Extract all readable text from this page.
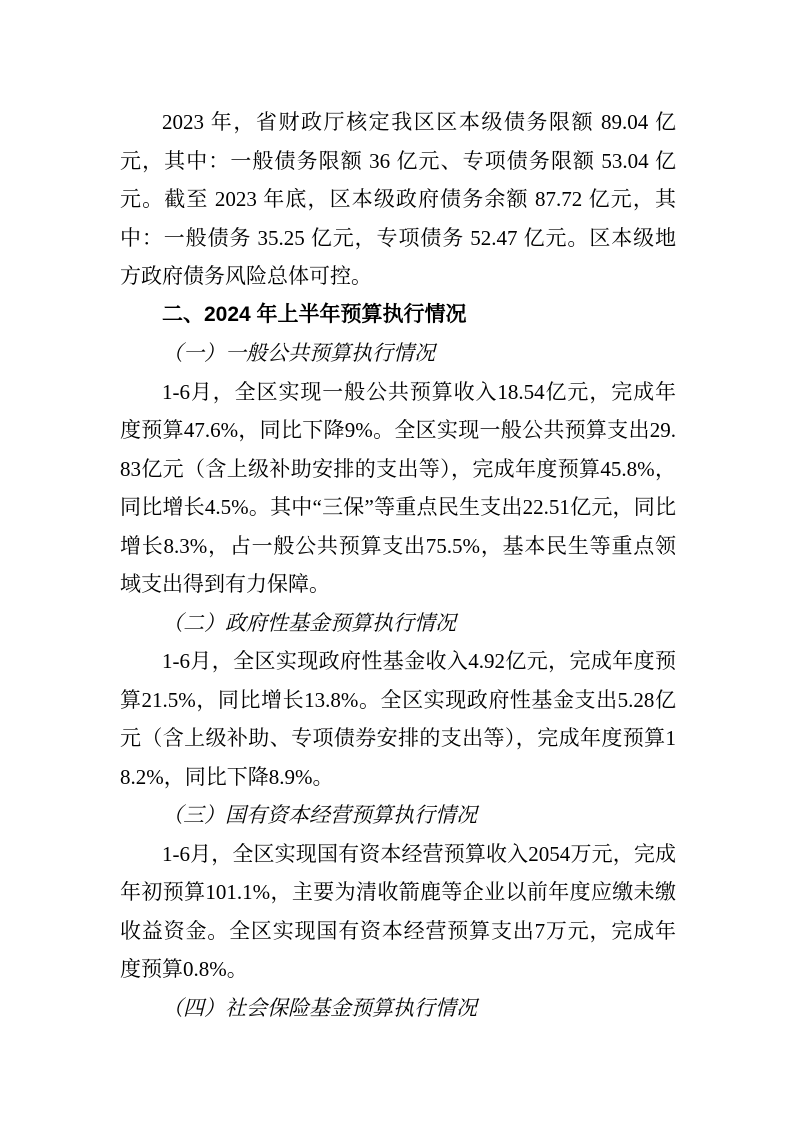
2023 年，省财政厅核定我区区本级债务限额 89.04 亿元，其中：一般债务限额 36 亿元、专项债务限额 53.04 亿元。截至 2023 年底，区本级政府债务余额 87.72 亿元，其中：一般债务 35.25 亿元，专项债务 52.47 亿元。区本级地方政府债务风险总体可控。

二、2024 年上半年预算执行情况

（一）一般公共预算执行情况

1-6月，全区实现一般公共预算收入18.54亿元，完成年度预算47.6%，同比下降9%。全区实现一般公共预算支出29.83亿元（含上级补助安排的支出等），完成年度预算45.8%，同比增长4.5%。其中“三保”等重点民生支出22.51亿元，同比增长8.3%，占一般公共预算支出75.5%，基本民生等重点领域支出得到有力保障。

（二）政府性基金预算执行情况

1-6月，全区实现政府性基金收入4.92亿元，完成年度预算21.5%，同比增长13.8%。全区实现政府性基金支出5.28亿元（含上级补助、专项债券安排的支出等），完成年度预算18.2%，同比下降8.9%。

（三）国有资本经营预算执行情况

1-6月，全区实现国有资本经营预算收入2054万元，完成年初预算101.1%，主要为清收箭鹿等企业以前年度应缴未缴收益资金。全区实现国有资本经营预算支出7万元，完成年度预算0.8%。

（四）社会保险基金预算执行情况
